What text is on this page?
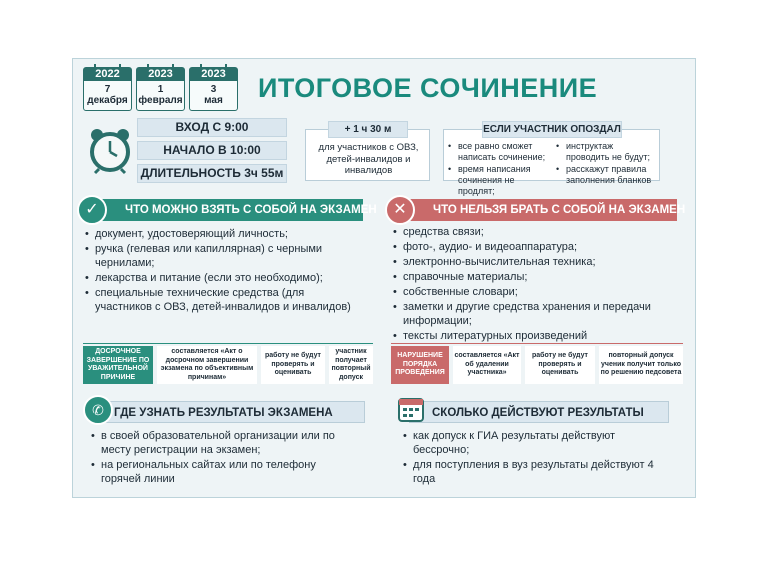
2022
7
декабря
2023
1
февраля
2023
3
мая	ИТОГОВОЕ СОЧИНЕНИЕ
ВХОД С 9:00
НАЧАЛО В 10:00
ДЛИТЕЛЬНОСТЬ 3ч 55м
+ 1 ч 30 м
для участников с ОВЗ, детей-инвалидов и инвалидов
ЕСЛИ УЧАСТНИК ОПОЗДАЛ
• все равно сможет написать сочинение;
• время написания сочинения не продлят;
• инструктаж проводить не будут;
• расскажут правила заполнения бланков
ЧТО МОЖНО ВЗЯТЬ С СОБОЙ НА ЭКЗАМЕН
✓
• документ, удостоверяющий личность;
• ручка (гелевая или капиллярная) с черными чернилами;
• лекарства и питание (если это необходимо);
• специальные технические средства (для участников с ОВЗ, детей-инвалидов и инвалидов)
ЧТО НЕЛЬЗЯ БРАТЬ С СОБОЙ НА ЭКЗАМЕН
✕
• средства связи;
• фото-, аудио- и видеоаппаратура;
• электронно-вычислительная техника;
• справочные материалы;
• собственные словари;
• заметки и другие средства хранения и передачи информации;
• тексты литературных произведений
ДОСРОЧНОЕ ЗАВЕРШЕНИЕ ПО УВАЖИТЕЛЬНОЙ ПРИЧИНЕ
составляется «Акт о досрочном завершении экзамена по объективным причинам»
работу не будут проверять и оценивать
участник получает повторный допуск
НАРУШЕНИЕ ПОРЯДКА ПРОВЕДЕНИЯ
составляется «Акт об удалении участника»
работу не будут проверять и оценивать
повторный допуск ученик получит только по решению педсовета
ГДЕ УЗНАТЬ РЕЗУЛЬТАТЫ ЭКЗАМЕНА
✆
• в своей образовательной организации или по месту регистрации на экзамен;
• на региональных сайтах или по телефону горячей линии
СКОЛЬКО ДЕЙСТВУЮТ РЕЗУЛЬТАТЫ
• как допуск к ГИА результаты действуют бессрочно;
• для поступления в вуз результаты действуют 4 года
